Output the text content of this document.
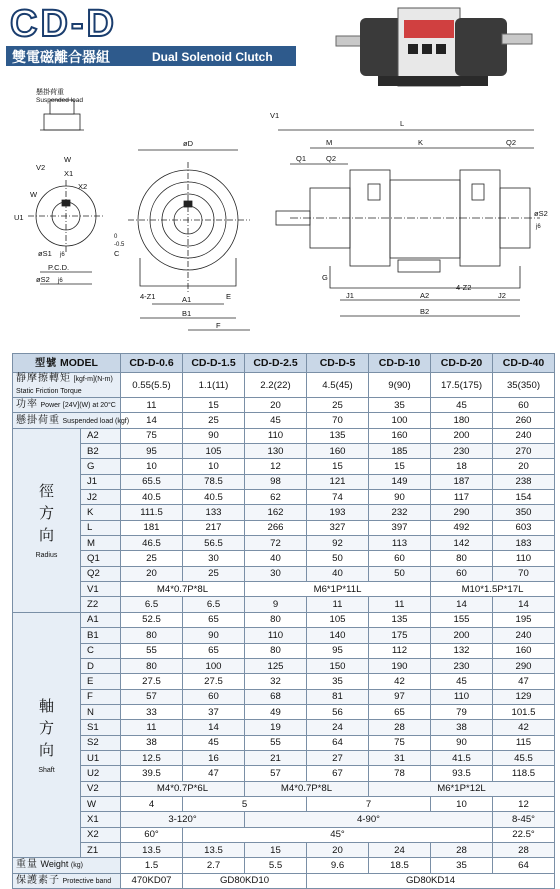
CD-D
雙電磁離合器組	Dual Solenoid Clutch
懸掛荷重
Suspended load
V2
W
X1
X2
W
U1
øS1 j6
P.C.D.
øS2 j6
øD
C
-0.5
0
4-Z1	A1	E
B1
F
V1
L
M	K	Q2
Q1	Q2
øS2
j6
G
J1	A2
4-Z2
J2
B2
型號 MODEL		CD-D-0.6	CD-D-1.5	CD-D-2.5	CD-D-5	CD-D-10	CD-D-20	CD-D-40
靜摩擦轉矩 [kgf-m](N-m)
Static Friction Torque		0.55(5.5)	1.1(11)	2.2(22)	4.5(45)	9(90)	17.5(175)	35(350)
功率 Power [24V](W) at 20°C		11	15	20	25	35	45	60
懸掛荷重 Suspended load (kgf)		14	25	45	70	100	180	260
徑
方
向
Radius	A2	75	90	110	135	160	200	240
	B2	95	105	130	160	185	230	270
	G	10	10	12	15	15	18	20
	J1	65.5	78.5	98	121	149	187	238
	J2	40.5	40.5	62	74	90	117	154
	K	111.5	133	162	193	232	290	350
	L	181	217	266	327	397	492	603
	M	46.5	56.5	72	92	113	142	183
	Q1	25	30	40	50	60	80	110
	Q2	20	25	30	40	50	60	70
	V1	M4*0.7P*8L		M6*1P*11L			M10*1.5P*17L	
	Z2	6.5	6.5	9	11	11	14	14
軸
方
向
Shaft	A1	52.5	65	80	105	135	155	195
	B1	80	90	110	140	175	200	240
	C	55	65	80	95	112	132	160
	D	80	100	125	150	190	230	290
	E	27.5	27.5	32	35	42	45	47
	F	57	60	68	81	97	110	129
	N	33	37	49	56	65	79	101.5
	S1	11	14	19	24	28	38	42
	S2	38	45	55	64	75	90	115
	U1	12.5	16	21	27	31	41.5	45.5
	U2	39.5	47	57	67	78	93.5	118.5
	V2	M4*0.7P*6L		M4*0.7P*8L		M6*1P*12L		
	W	4	5		7		10	12
	X1	3-120°		4-90°				8-45°
	X2	60°	45°					22.5°
	Z1	13.5	13.5	15	20	24	28	28
重量 Weight (kg)		1.5	2.7	5.5	9.6	18.5	35	64
保護素子 Protective band		470KD07	GD80KD10		GD80KD14			
